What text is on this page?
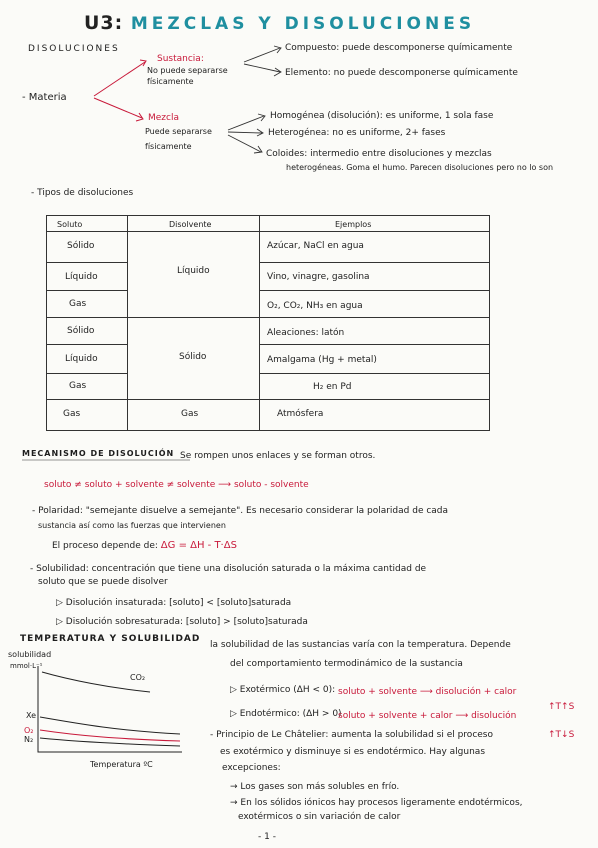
U3: MEZCLAS Y DISOLUCIONES
DISOLUCIONES
- Materia
Sustancia:
No puede separarse
físicamente
Compuesto: puede descomponerse químicamente
Elemento: no puede descomponerse químicamente
Mezcla
Puede separarse
físicamente
Homogénea (disolución): es uniforme, 1 sola fase
Heterogénea: no es uniforme, 2+ fases
Coloides: intermedio entre disoluciones y mezclas
heterogéneas. Goma el humo. Parecen disoluciones pero no lo son
- Tipos de disoluciones
Soluto	Disolvente	Ejemplos
Sólido
Líquido
Gas
Sólido
Líquido
Gas
Gas
Líquido
Sólido
Gas
Azúcar, NaCl en agua
Vino, vinagre, gasolina
O₂, CO₂, NH₃ en agua
Aleaciones: latón
Amalgama (Hg + metal)
H₂ en Pd
Atmósfera
MECANISMO DE DISOLUCIÓN Se rompen unos enlaces y se forman otros.
soluto ≠ soluto + solvente ≠ solvente ⟶ soluto - solvente
- Polaridad: "semejante disuelve a semejante". Es necesario considerar la polaridad de cada
sustancia así como las fuerzas que intervienen
El proceso depende de: ΔG = ΔH - T·ΔS
- Solubilidad: concentración que tiene una disolución saturada o la máxima cantidad de
soluto que se puede disolver
▷ Disolución insaturada: [soluto] < [soluto]saturada
▷ Disolución sobresaturada: [soluto] > [soluto]saturada
TEMPERATURA Y SOLUBILIDAD
la solubilidad de las sustancias varía con la temperatura. Depende
del comportamiento termodinámico de la sustancia
solubilidad
mmol·L⁻¹
Temperatura ºC
CO₂
Xe
O₂
N₂
▷ Exotérmico (ΔH < 0): soluto + solvente ⟶ disolución + calor
↑T↑S
▷ Endotérmico: (ΔH > 0)
soluto + solvente + calor ⟶ disolución
↑T↓S
- Principio de Le Châtelier: aumenta la solubilidad si el proceso
es exotérmico y disminuye si es endotérmico. Hay algunas
excepciones:
→ Los gases son más solubles en frío.
→ En los sólidos iónicos hay procesos ligeramente endotérmicos,
exotérmicos o sin variación de calor
- 1 -
